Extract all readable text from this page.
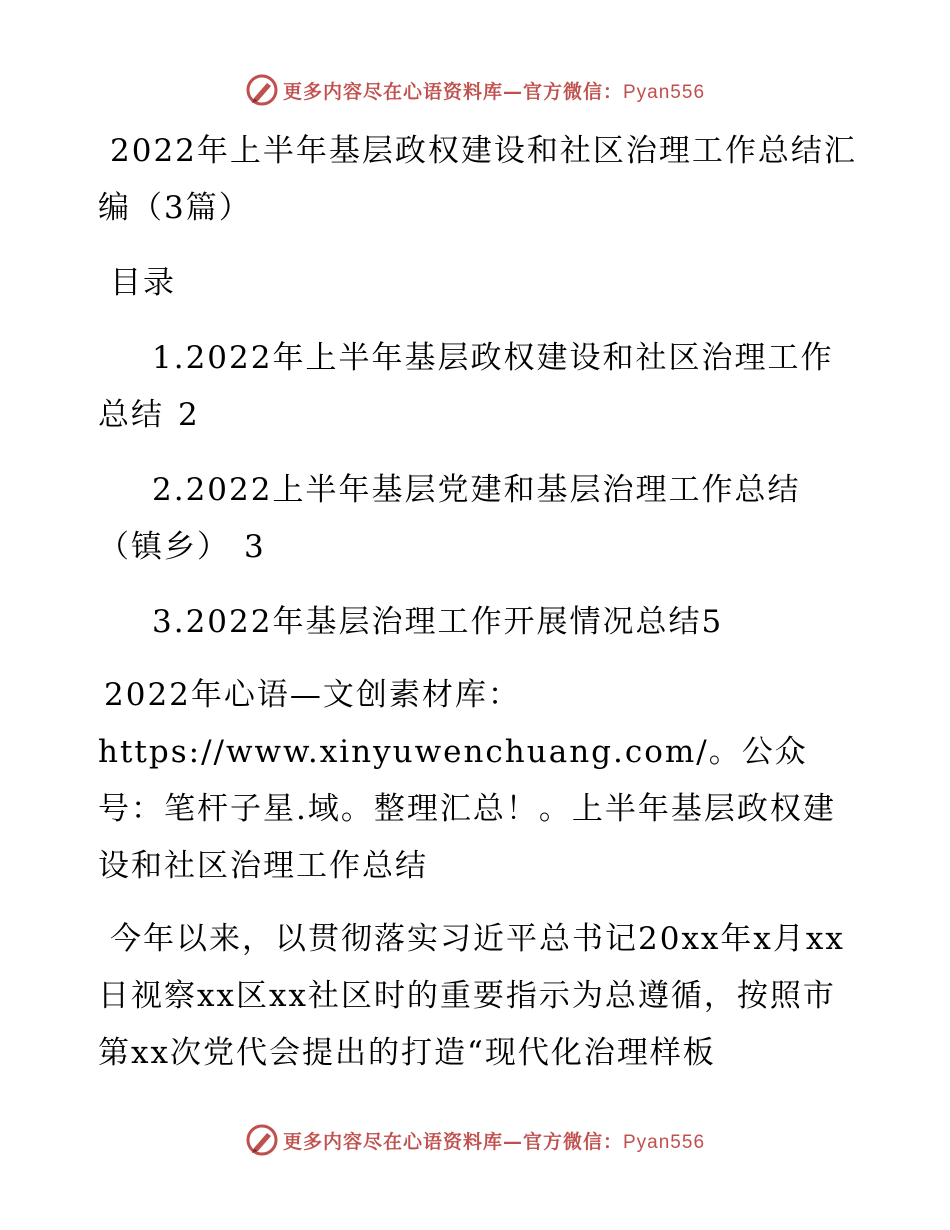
更多内容尽在心语资料库—官方微信：Pyan556

2022年上半年基层政权建设和社区治理工作总结汇编（3篇）

目录

1.2022年上半年基层政权建设和社区治理工作总结 2

2.2022上半年基层党建和基层治理工作总结（镇乡） 3

3.2022年基层治理工作开展情况总结5

2022年心语—文创素材库：https://www.xinyuwenchuang.com/。公众号：笔杆子星.域。整理汇总！。上半年基层政权建设和社区治理工作总结

今年以来，以贯彻落实习近平总书记20xx年x月xx日视察xx区xx社区时的重要指示为总遵循，按照市第xx次党代会提出的打造“现代化治理样板

更多内容尽在心语资料库—官方微信：Pyan556
